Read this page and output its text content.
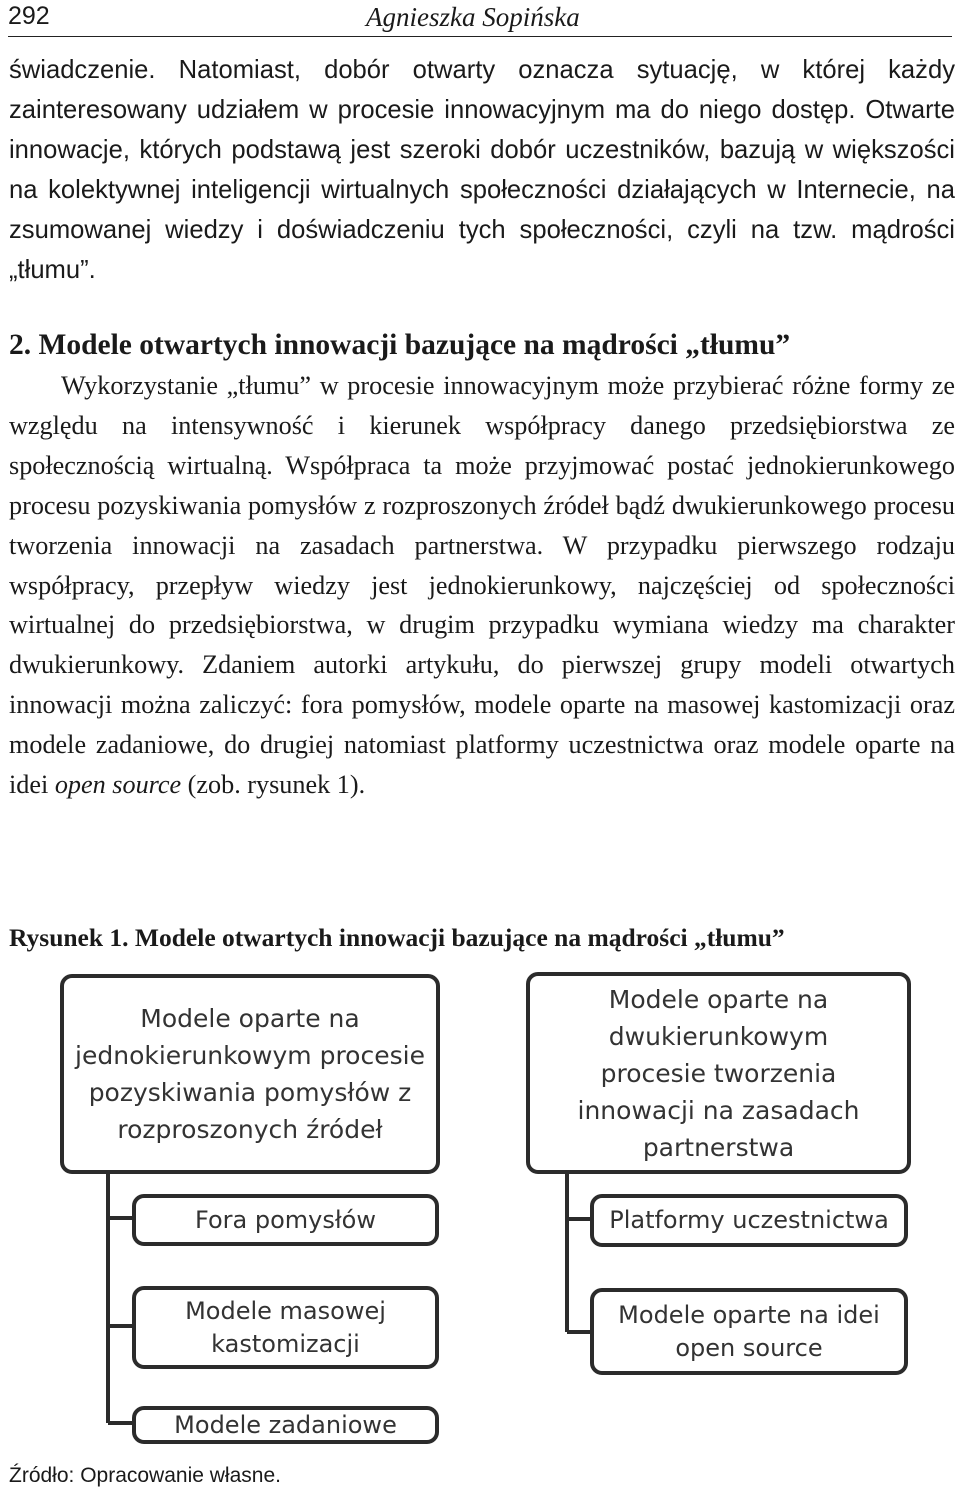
292	Agnieszka Sopińska

świadczenie. Natomiast, dobór otwarty oznacza sytuację, w której każdy zainteresowany udziałem w procesie innowacyjnym ma do niego dostęp. Otwarte innowacje, których podstawą jest szeroki dobór uczestników, bazują w większości na kolektywnej inteligencji wirtualnych społeczności działających w Internecie, na zsumowanej wiedzy i doświadczeniu tych społeczności, czyli na tzw. mądrości „tłumu”.

2. Modele otwartych innowacji bazujące na mądrości „tłumu”

Wykorzystanie „tłumu” w procesie innowacyjnym może przybierać różne formy ze względu na intensywność i kierunek współpracy danego przedsiębiorstwa ze społecznością wirtualną. Współpraca ta może przyjmować postać jednokierunkowego procesu pozyskiwania pomysłów z rozproszonych źródeł bądź dwukierunkowego procesu tworzenia innowacji na zasadach partnerstwa. W przypadku pierwszego rodzaju współpracy, przepływ wiedzy jest jednokierunkowy, najczęściej od społeczności wirtualnej do przedsiębiorstwa, w drugim przypadku wymiana wiedzy ma charakter dwukierunkowy. Zdaniem autorki artykułu, do pierwszej grupy modeli otwartych innowacji można zaliczyć: fora pomysłów, modele oparte na masowej kastomizacji oraz modele zadaniowe, do drugiej natomiast platformy uczestnictwa oraz modele oparte na idei open source (zob. rysunek 1).

Rysunek 1. Modele otwartych innowacji bazujące na mądrości „tłumu”

Modele oparte na
jednokierunkowym procesie
pozyskiwania pomysłów z
rozproszonych źródeł
Fora pomysłów
Modele masowej
kastomizacji
Modele zadaniowe
Modele oparte na
dwukierunkowym
procesie tworzenia
innowacji na zasadach
partnerstwa
Platformy uczestnictwa
Modele oparte na idei
open source

Źródło: Opracowanie własne.
